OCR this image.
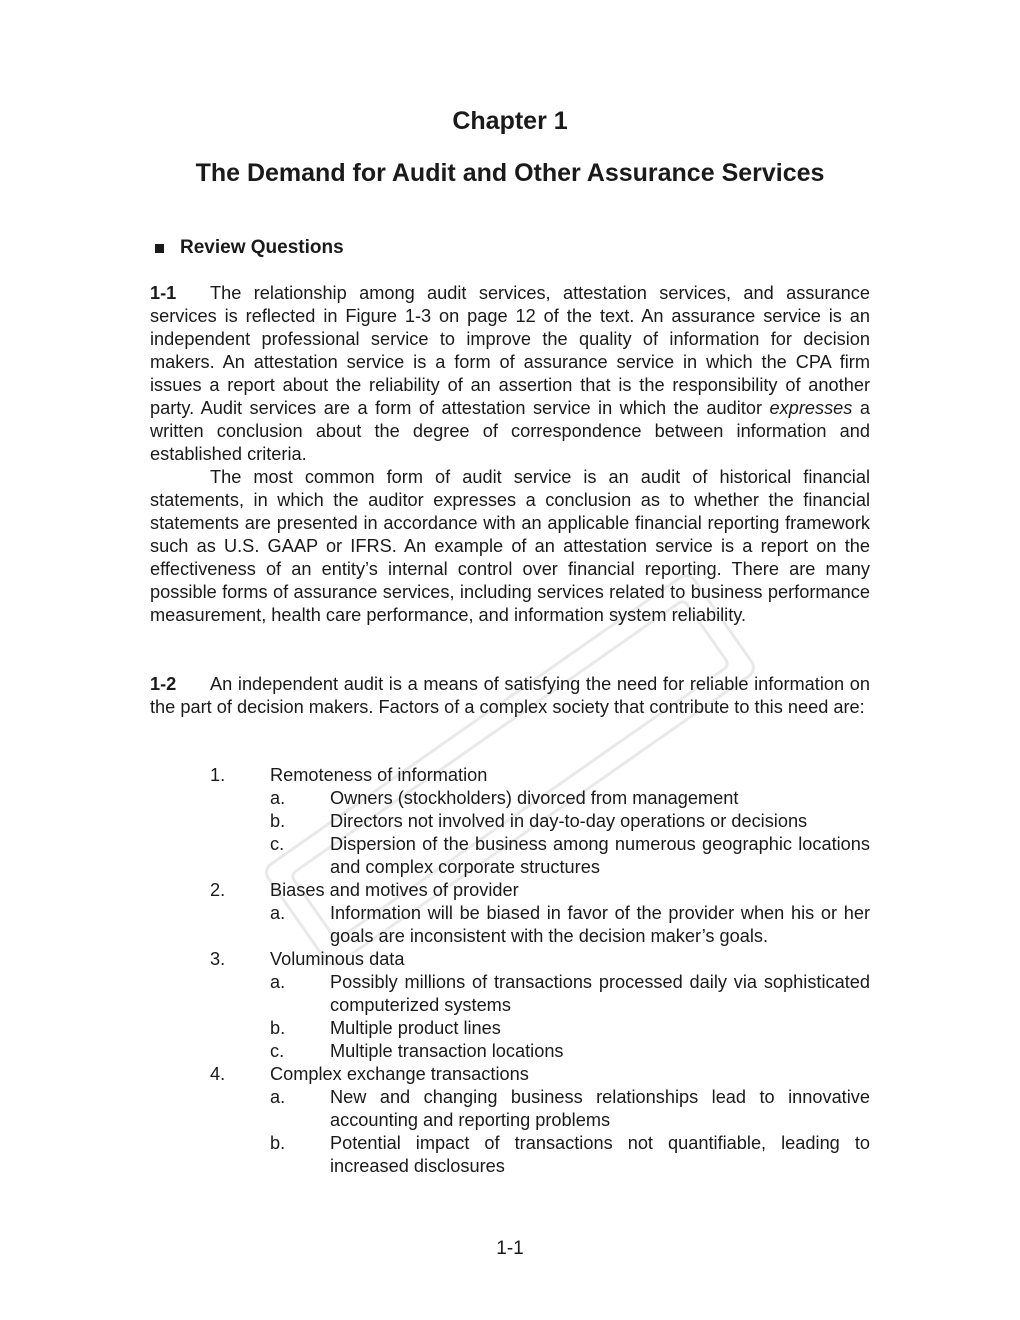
Chapter 1
The Demand for Audit and Other Assurance Services
Review Questions

1-1 The relationship among audit services, attestation services, and assurance services is reflected in Figure 1-3 on page 12 of the text. An assurance service is an independent professional service to improve the quality of information for decision makers. An attestation service is a form of assurance service in which the CPA firm issues a report about the reliability of an assertion that is the responsibility of another party. Audit services are a form of attestation service in which the auditor expresses a written conclusion about the degree of correspondence between information and established criteria.

The most common form of audit service is an audit of historical financial statements, in which the auditor expresses a conclusion as to whether the financial statements are presented in accordance with an applicable financial reporting framework such as U.S. GAAP or IFRS. An example of an attestation service is a report on the effectiveness of an entity’s internal control over financial reporting. There are many possible forms of assurance services, including services related to business performance measurement, health care performance, and information system reliability.

1-2 An independent audit is a means of satisfying the need for reliable information on the part of decision makers. Factors of a complex society that contribute to this need are:

1.	Remoteness of information
a.	Owners (stockholders) divorced from management
b.	Directors not involved in day-to-day operations or decisions
c.	Dispersion of the business among numerous geographic locations and complex corporate structures
2.	Biases and motives of provider
a.	Information will be biased in favor of the provider when his or her goals are inconsistent with the decision maker’s goals.
3.	Voluminous data
a.	Possibly millions of transactions processed daily via sophisticated computerized systems
b.	Multiple product lines
c.	Multiple transaction locations
4.	Complex exchange transactions
a.	New and changing business relationships lead to innovative accounting and reporting problems
b.	Potential impact of transactions not quantifiable, leading to increased disclosures
1-1
